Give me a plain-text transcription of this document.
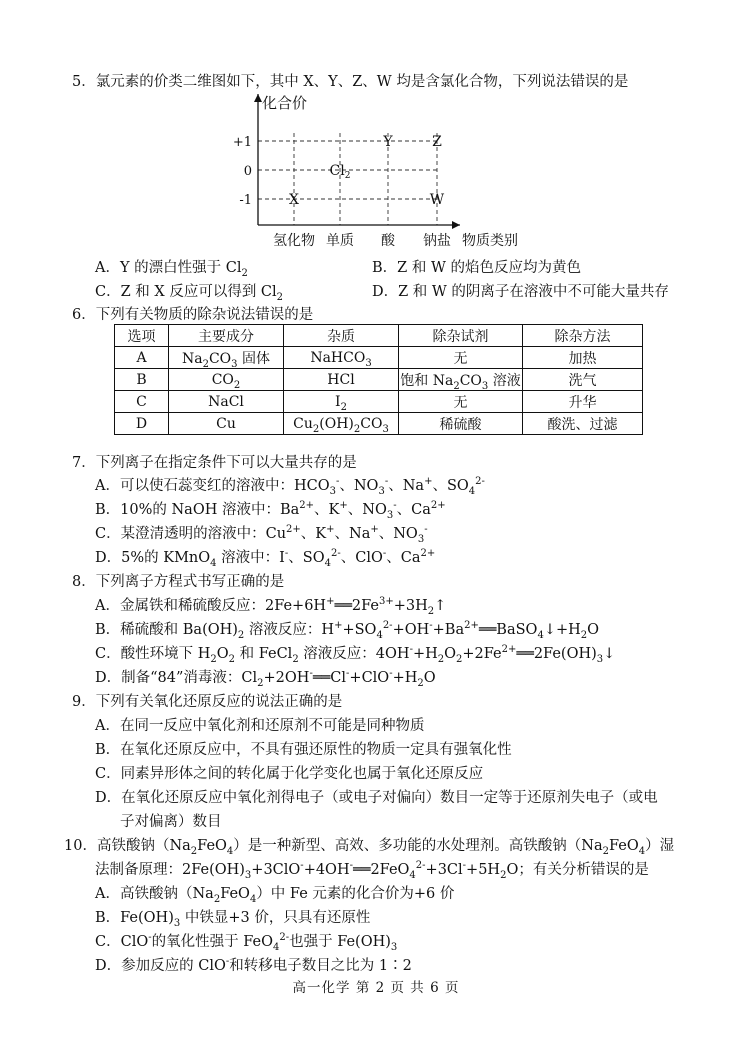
5．氯元素的价类二维图如下，其中 X、Y、Z、W 均是含氯化合物，下列说法错误的是
X
$Cl_2$
Y	Z
W
化合价
+1
0
-1
氢化物 单质 酸 钠盐 物质类别
A．Y 的漂白性强于 $Cl_2$	B．Z 和 W 的焰色反应均为黄色
C．Z 和 X 反应可以得到 $Cl_2$	D．Z 和 W 的阴离子在溶液中不可能大量共存
6．下列有关物质的除杂说法错误的是
选项	主要成分	杂质	除杂试剂	除杂方法
A	$Na_2CO_3$ 固体	NaHCO$_3$	无	加热
B	$CO_2$	HCl	饱和 $Na_2CO_3$ 溶液	洗气
C	NaCl	$I_2$	无	升华
D	Cu	$Cu_2(OH)_2CO_3$	稀硫酸	酸洗、过滤
7．下列离子在指定条件下可以大量共存的是
A．可以使石蕊变红的溶液中：$HCO_3^-$、$NO_3^-$、Na+、$SO_4^{2-}$
B．10%的 NaOH 溶液中：$Ba^{2+}$、K+、$NO_3^-$、$Ca^{2+}$
C．某澄清透明的溶液中：$Cu^{2+}$、K+、Na+、$NO_3^-$
D．5%的 KMnO$_4$ 溶液中：I-、$SO_4^{2-}$、ClO-、$Ca^{2+}$
8．下列离子方程式书写正确的是
A．金属铁和稀硫酸反应：$2Fe+6H^+══2Fe^{3+}+3H_2↑$
B．稀硫酸和 $Ba(OH)_2$ 溶液反应：$H^++SO_4^{2-}+OH^-+Ba^{2+}══BaSO_4↓+H_2O$
C．酸性环境下 $H_2O_2$ 和 FeCl$_2$ 溶液反应：$4OH^-+H_2O_2+2Fe^{2+}══2Fe(OH)_3↓$
D．制备“84”消毒液：$Cl_2+2OH^-══Cl^-+ClO^-+H_2O$
9．下列有关氧化还原反应的说法正确的是
A．在同一反应中氧化剂和还原剂不可能是同种物质
B．在氧化还原反应中，不具有强还原性的物质一定具有强氧化性
C．同素异形体之间的转化属于化学变化也属于氧化还原反应
D．在氧化还原反应中氧化剂得电子（或电子对偏向）数目一定等于还原剂失电子（或电
子对偏离）数目
10．高铁酸钠$(Na_2FeO_4)$是一种新型、高效、多功能的水处理剂。高铁酸钠$(Na_2FeO_4)$湿
法制备原理：$2Fe(OH)_3+3ClO^-+4OH^-══2FeO_4^{2-}+3Cl^-+5H_2O$；有关分析错误的是
A．高铁酸钠$(Na_2FeO_4)$中 Fe 元素的化合价为+6 价
B．$Fe(OH)_3$ 中铁显+3 价，只具有还原性
C．ClO-的氧化性强于 FeO$_4^{2-}$也强于 $Fe(OH)_3$
D．参加反应的 ClO-和转移电子数目之比为 1∶2
高一化学 第 2 页 共 6 页
